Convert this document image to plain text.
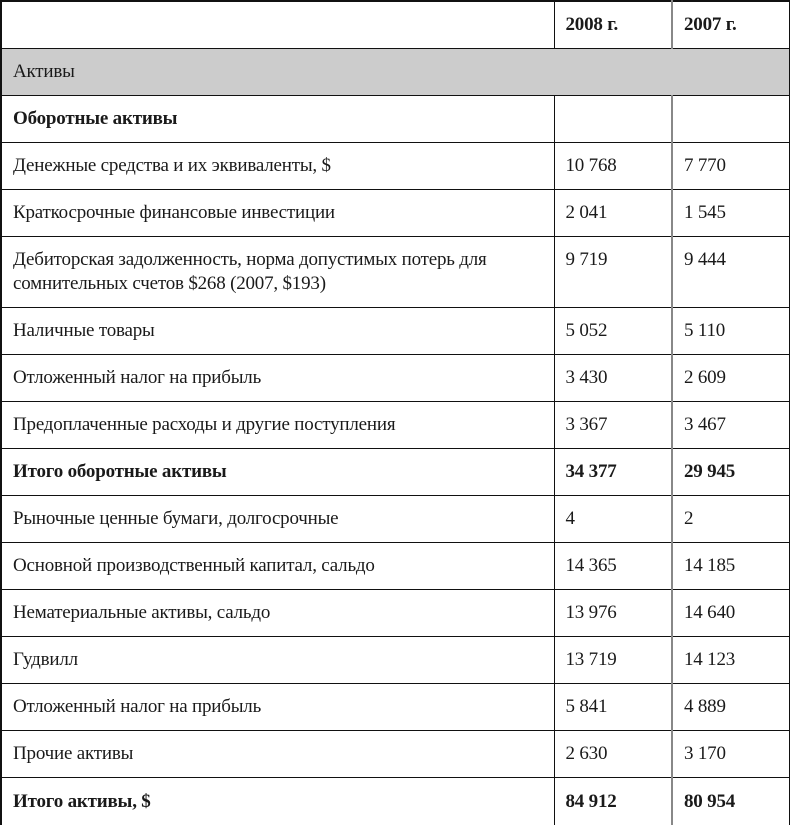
	2008 г.	2007 г.
Активы		
Оборотные активы		
Денежные средства и их эквиваленты, $	10 768	7 770
Краткосрочные финансовые инвестиции	2 041	1 545
Дебиторская задолженность, норма допустимых потерь для сомнительных счетов $268 (2007, $193)	9 719	9 444
Наличные товары	5 052	5 110
Отложенный налог на прибыль	3 430	2 609
Предоплаченные расходы и другие поступления	3 367	3 467
Итого оборотные активы	34 377	29 945
Рыночные ценные бумаги, долгосрочные	4	2
Основной производственный капитал, сальдо	14 365	14 185
Нематериальные активы, сальдо	13 976	14 640
Гудвилл	13 719	14 123
Отложенный налог на прибыль	5 841	4 889
Прочие активы	2 630	3 170
Итого активы, $	84 912	80 954
